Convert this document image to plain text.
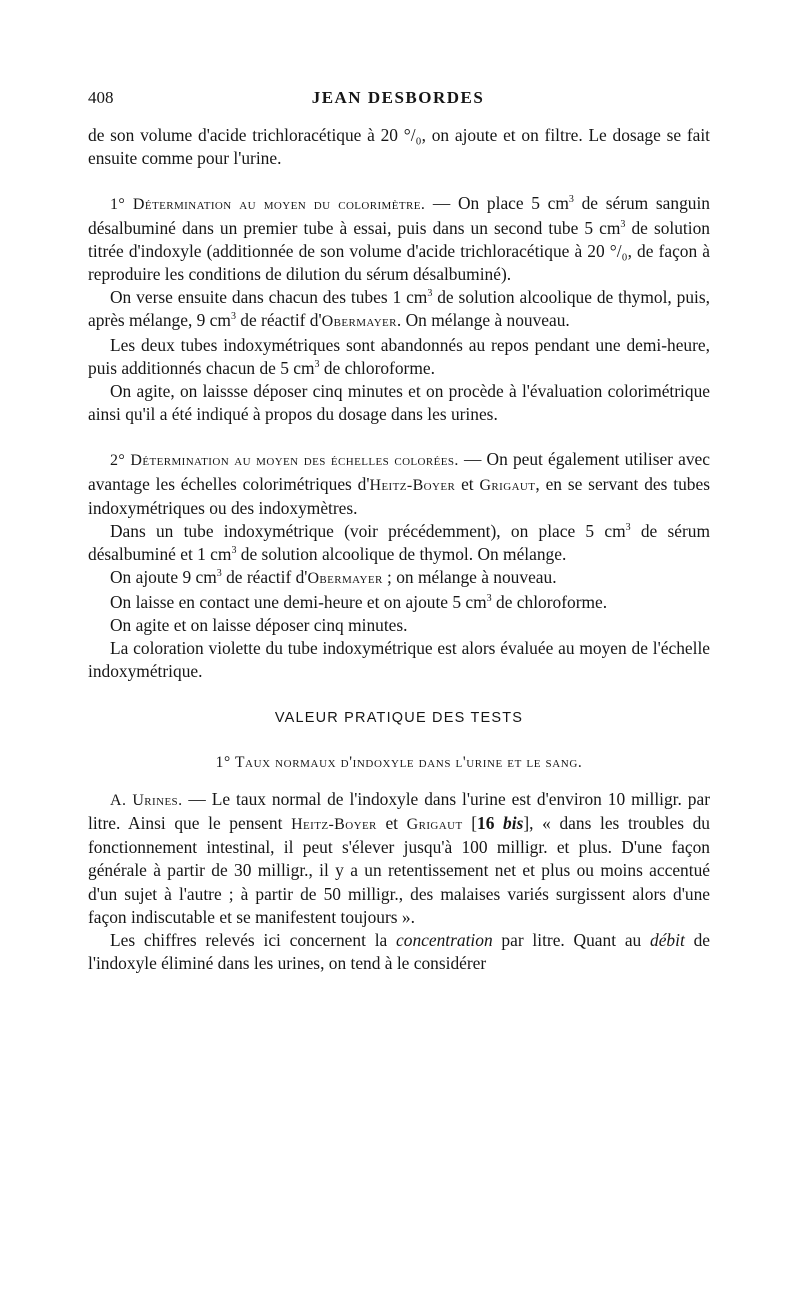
408	JEAN DESBORDES

de son volume d'acide trichloracétique à 20 °/₀, on ajoute et on filtre. Le dosage se fait ensuite comme pour l'urine.

1° Détermination au moyen du colorimètre. — On place 5 $cm^3$ de sérum sanguin désalbuminé dans un premier tube à essai, puis dans un second tube 5 $cm^3$ de solution titrée d'indoxyle (additionnée de son volume d'acide trichloracétique à 20 °/₀, de façon à reproduire les conditions de dilution du sérum désalbuminé).

On verse ensuite dans chacun des tubes 1 $cm^3$ de solution alcoolique de thymol, puis, après mélange, 9 $cm^3$ de réactif d'Obermayer. On mélange à nouveau.

Les deux tubes indoxymétriques sont abandonnés au repos pendant une demi-heure, puis additionnés chacun de 5 $cm^3$ de chloroforme.

On agite, on laissse déposer cinq minutes et on procède à l'évaluation colorimétrique ainsi qu'il a été indiqué à propos du dosage dans les urines.

2° Détermination au moyen des échelles colorées. — On peut également utiliser avec avantage les échelles colorimétriques d'Heitz-Boyer et Grigaut, en se servant des tubes indoxymétriques ou des indoxymètres.

Dans un tube indoxymétrique (voir précédemment), on place 5 $cm^3$ de sérum désalbuminé et 1 $cm^3$ de solution alcoolique de thymol. On mélange.

On ajoute 9 $cm^3$ de réactif d'Obermayer ; on mélange à nouveau.

On laisse en contact une demi-heure et on ajoute 5 $cm^3$ de chloroforme.

On agite et on laisse déposer cinq minutes.

La coloration violette du tube indoxymétrique est alors évaluée au moyen de l'échelle indoxymétrique.

VALEUR PRATIQUE DES TESTS
1° Taux normaux d'indoxyle dans l'urine et le sang.

A. Urines. — Le taux normal de l'indoxyle dans l'urine est d'environ 10 milligr. par litre. Ainsi que le pensent Heitz-Boyer et Grigaut [16 bis], « dans les troubles du fonctionnement intestinal, il peut s'élever jusqu'à 100 milligr. et plus. D'une façon générale à partir de 30 milligr., il y a un retentissement net et plus ou moins accentué d'un sujet à l'autre ; à partir de 50 milligr., des malaises variés surgissent alors d'une façon indiscutable et se manifestent toujours ».

Les chiffres relevés ici concernent la concentration par litre. Quant au débit de l'indoxyle éliminé dans les urines, on tend à le considérer
